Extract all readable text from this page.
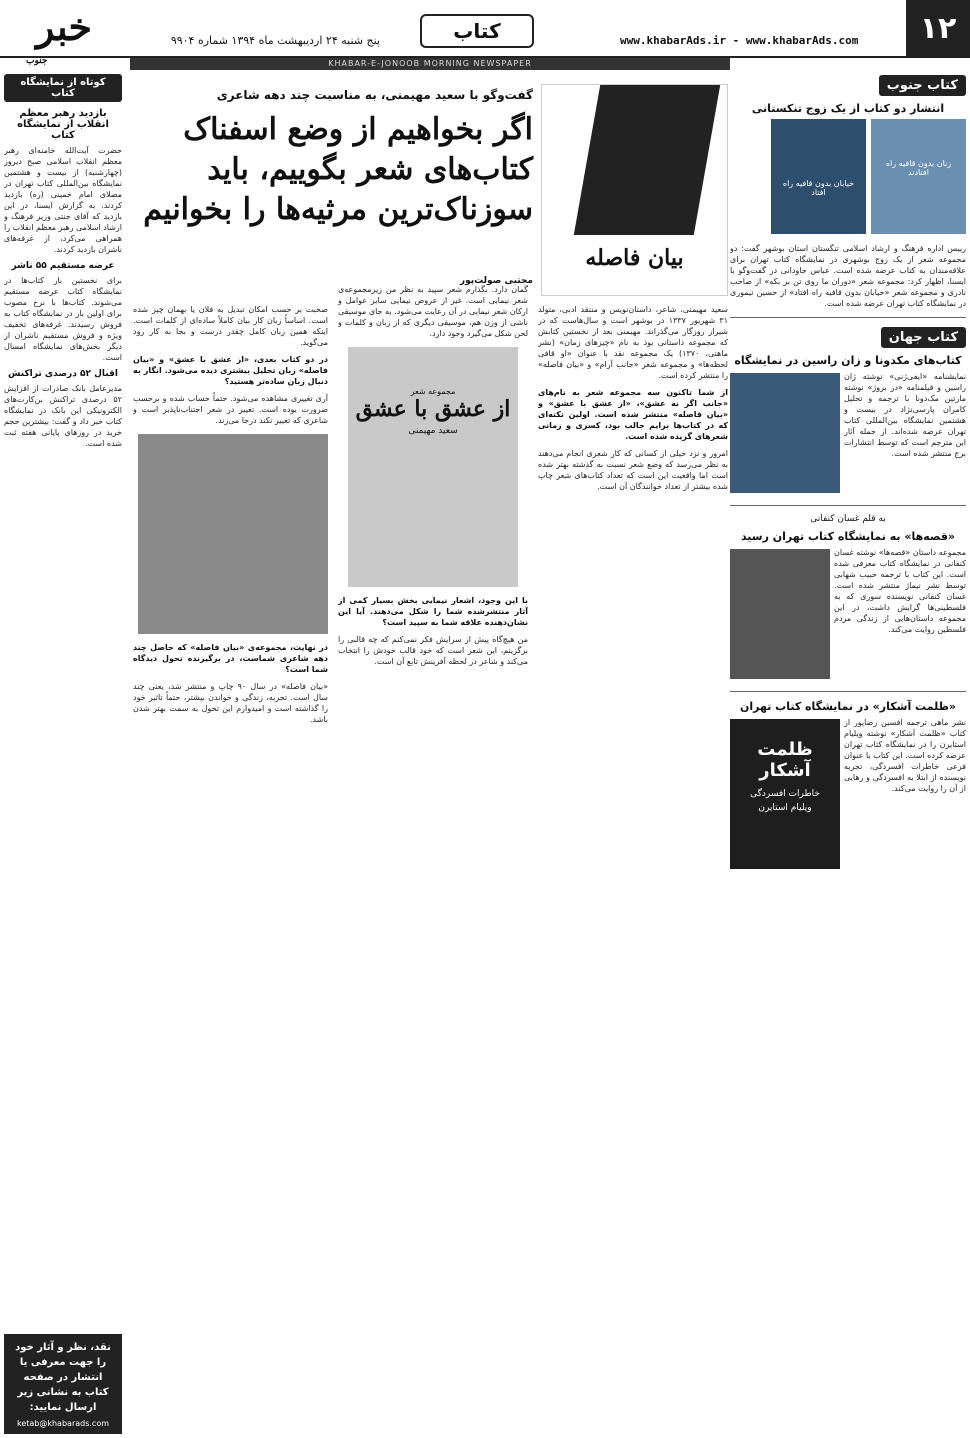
۱۲
www.khabarAds.ir - www.khabarAds.com
کتاب
پنج شنبه ۲۴ اردیبهشت ماه ۱۳۹۴ شماره ۹۹۰۴
خبر
جنوب	KHABAR-E-JONOOB MORNING NEWSPAPER
کتاب جنوب
انتشار دو کتاب از یک زوج تنکستانی
زنان بدون قافیه راه افتادند
خیابان بدون قافیه راه افتاد
رییس اداره فرهنگ و ارشاد اسلامی تنگستان استان بوشهر گفت: دو مجموعه شعر از یک زوج بوشهری در نمایشگاه کتاب تهران برای علاقه‌مندان به کتاب عرضه شده است. عباس جاودانی در گفت‌وگو با ایسنا، اظهار کرد: مجموعه شعر «دوران ما روی تن بر بکه» از صاحب نادری و مجموعه شعر «خیابان بدون قافیه راه افتاد» از حسین تیموری در نمایشگاه کتاب تهران عرضه شده است.
کتاب جهان
کتاب‌های مکدونا و زان راسین در نمایشگاه
نمایشنامه «ایفی‌ژنی» نوشته ژان راسین و فیلمنامه «در بروژ» نوشته مارتین مک‌دونا با ترجمه و تحلیل کامران پارسی‌نژاد در بیست و هشتمین نمایشگاه بین‌المللی کتاب تهران عرضه شده‌اند. از جمله آثار این مترجم است که توسط انتشارات برج منتشر شده است.
به قلم غسان کنفانی
«قصه‌ها» به نمایشگاه کتاب تهران رسید
مجموعه داستان «قصه‌ها» نوشته غسان کنفانی در نمایشگاه کتاب معرفی شده است. این کتاب با ترجمه حبیب شهابی توسط نشر نیماژ منتشر شده است. غسان کنفانی نویسنده سوری که به فلسطینی‌ها گرایش داشت، در این مجموعه داستان‌هایی از زندگی مردم فلسطین روایت می‌کند.
«ظلمت آشکار» در نمایشگاه کتاب تهران
ظلمت آشکار
خاطرات افسردگی
ویلیام استایرن
نشر ماهی ترجمه افسین رضاپور از کتاب «ظلمت آشکار» نوشته ویلیام استایرن را در نمایشگاه کتاب تهران عرضه کرده است. این کتاب با عنوان فرعی خاطرات افسردگی، تجربه نویسنده از ابتلا به افسردگی و رهایی از آن را روایت می‌کند.
بیان فاصله
گفت‌وگو با سعید مهیمنی، به مناسبت چند دهه شاعری
اگر بخواهیم از وضع اسفناک کتاب‌های شعر بگوییم، باید سوزناک‌ترین مرثیه‌ها را بخوانیم
مجتبی صولت‌پور
سعید مهیمنی، شاعر، داستان‌نویس و منتقد ادبی، متولد ۳۱ شهریور ۱۳۳۷ در بوشهر است و سال‌هاست که در شیراز روزگار می‌گذراند. مهیمنی بعد از نخستین کتابش که مجموعه داستانی بود به نام «چیزهای زمان» (نشر ماهنی، ۱۳۷۰) یک مجموعه نقد با عنوان «او قافی لحظه‌ها» و مجموعه شعر «جانب آرام» و «بیان فاصله» را منتشر کرده است.
از شما تاکنون سه مجموعه شعر به نام‌های «جانب اگر نه عشق»، «از عشق با عشق» و «بیان فاصله» منتشر شده است. اولین نکته‌ای که در کتاب‌ها برایم جالب بود، کسری و زمانی شعرهای گزیده شده است.
امروز و نزد خیلی از کسانی که کار شعری انجام می‌دهند به نظر می‌رسد که وضع شعر نسبت به گذشته بهتر شده است اما واقعیت این است که تعداد کتاب‌های شعر چاپ شده بیشتر از تعداد خوانندگان آن است.
گمان دارد. بگذارم شعر سپید به نظر من زیرمجموعه‌ی شعر نیمایی است. غیر از عروض نیمایی سایر عوامل و ارکان شعر نیمایی در آن رعایت می‌شود. به جای موسیقی ناشی از وزن هم، موسیقی دیگری که از زبان و کلمات و لحن شکل می‌گیرد وجود دارد.
مجموعه شعر
از عشق با عشق
سعید مهیمنی
با این وجود، اشعار نیمایی بخش بسیار کمی از آثار منتشرشده شما را شکل می‌دهند. آیا این نشان‌دهنده علاقه شما به سپید است؟
من هیچ‌گاه پیش از سرایش فکر نمی‌کنم که چه قالبی را برگزینم، این شعر است که خود قالب خودش را انتخاب می‌کند و شاعر در لحظه آفرینش تابع آن است.
صحبت بر حسب امکان تبدیل به فلان یا بهمان چیز شده است. اساساً زبان کار بیان کاملاً ساده‌ای از کلمات است. اینکه همین زبان کامل چقدر درست و بجا به کار رود می‌گوید.
در دو کتاب بعدی، «از عشق با عشق» و «بیان فاصله» زبان تحلیل بیشتری دیده می‌شود. انگار به دنبال زبان ساده‌تر هستید؟
آری تغییری مشاهده می‌شود. حتماً حساب شده و برحسب ضرورت بوده است. تغییر در شعر اجتناب‌ناپذیر است و شاعری که تغییر نکند درجا می‌زند.
در نهایت، مجموعه‌ی «بیان فاصله» که حاصل چند دهه شاعری شماست، در برگیرنده تحول دیدگاه شما است؟
«بیان فاصله» در سال ۹۰ چاپ و منتشر شد، یعنی چند سال است. تجربه، زندگی و خواندن بیشتر، حتماً تاثیر خود را گذاشته است و امیدوارم این تحول به سمت بهتر شدن باشد.
کوتاه از نمایشگاه کتاب
بازدید رهبر معظم انقلاب از نمایشگاه کتاب
حضرت آیت‌الله خامنه‌ای رهبر معظم انقلاب اسلامی صبح دیروز (چهارشنبه) از بیست و هشتمین نمایشگاه بین‌المللی کتاب تهران در مصلای امام خمینی (ره) بازدید کردند. به گزارش ایسنا، در این بازدید که آقای جنتی وزیر فرهنگ و ارشاد اسلامی رهبر معظم انقلاب را همراهی می‌کرد، از غرفه‌های ناشران بازدید کردند.
عرضه مستقیم ۵۵ ناشر
برای نخستین بار کتاب‌ها در نمایشگاه کتاب عرضه مستقیم می‌شوند. کتاب‌ها با نرخ مصوب برای اولین بار در نمایشگاه کتاب به فروش رسیدند. غرفه‌های تخفیف ویژه و فروش مستقیم ناشران از دیگر بخش‌های نمایشگاه امسال است.
اقبال ۵۲ درصدی تراکنش
مدیرعامل بانک صادرات از افزایش ۵۲ درصدی تراکنش بن‌کارت‌های الکترونیکی این بانک در نمایشگاه کتاب خبر داد و گفت: بیشترین حجم خرید در روزهای پایانی هفته ثبت شده است.
نقد، نظر و آثار خود را جهت معرفی یا انتشار در صفحه کتاب به نشانی زیر ارسال نمایید:
ketab@khabarads.com
